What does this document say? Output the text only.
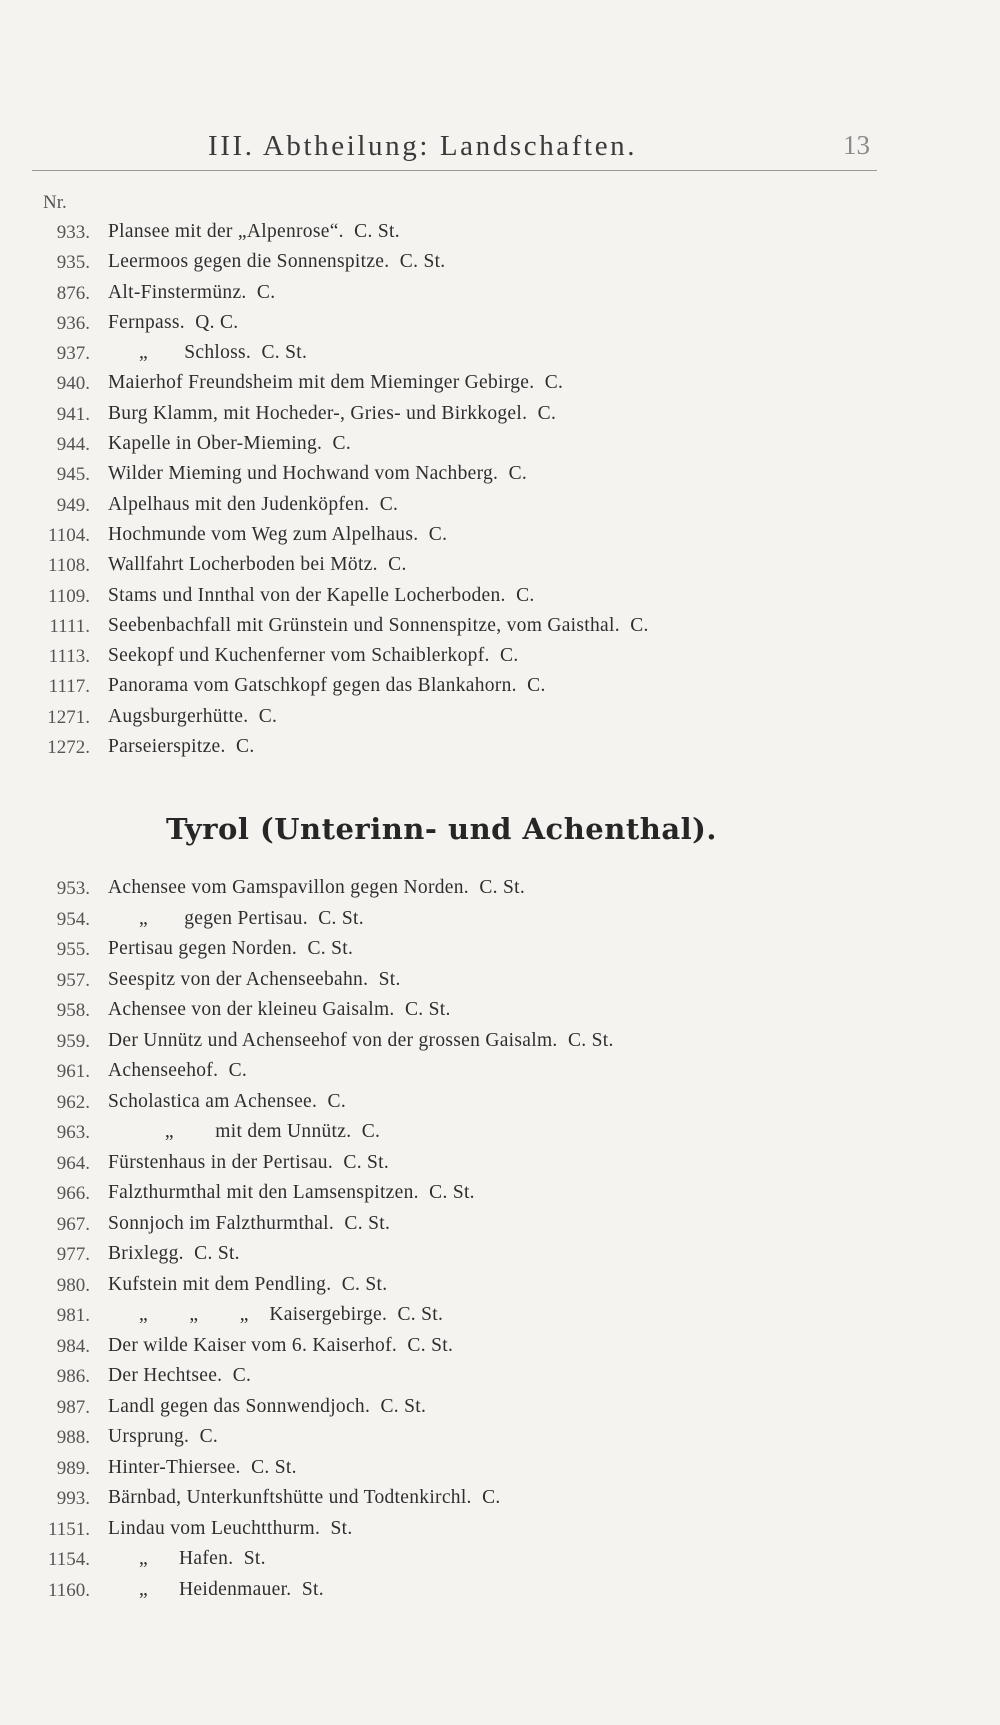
III. Abtheilung: Landschaften.	13
Nr.
933. Plansee mit der „Alpenrose“.  C. St.
935. Leermoos gegen die Sonnenspitze.  C. St.
876. Alt-Finstermünz.  C.
936. Fernpass.  Q. C.
937. „       Schloss.  C. St.
940. Maierhof Freundsheim mit dem Mieminger Gebirge.  C.
941. Burg Klamm, mit Hocheder-, Gries- und Birkkogel.  C.
944. Kapelle in Ober-Mieming.  C.
945. Wilder Mieming und Hochwand vom Nachberg.  C.
949. Alpelhaus mit den Judenköpfen.  C.
1104. Hochmunde vom Weg zum Alpelhaus.  C.
1108. Wallfahrt Locherboden bei Mötz.  C.
1109. Stams und Innthal von der Kapelle Locherboden.  C.
1111. Seebenbachfall mit Grünstein und Sonnenspitze, vom Gaisthal.  C.
1113. Seekopf und Kuchenferner vom Schaiblerkopf.  C.
1117. Panorama vom Gatschkopf gegen das Blankahorn.  C.
1271. Augsburgerhütte.  C.
1272. Parseierspitze.  C.
Tyrol (Unterinn- und Achenthal).
953. Achensee vom Gamspavillon gegen Norden.  C. St.
954. „       gegen Pertisau.  C. St.
955. Pertisau gegen Norden.  C. St.
957. Seespitz von der Achenseebahn.  St.
958. Achensee von der kleineu Gaisalm.  C. St.
959. Der Unnütz und Achenseehof von der grossen Gaisalm.  C. St.
961. Achenseehof.  C.
962. Scholastica am Achensee.  C.
963. „        mit dem Unnütz.  C.
964. Fürstenhaus in der Pertisau.  C. St.
966. Falzthurmthal mit den Lamsenspitzen.  C. St.
967. Sonnjoch im Falzthurmthal.  C. St.
977. Brixlegg.  C. St.
980. Kufstein mit dem Pendling.  C. St.
981. „        „        „    Kaisergebirge.  C. St.
984. Der wilde Kaiser vom 6. Kaiserhof.  C. St.
986. Der Hechtsee.  C.
987. Landl gegen das Sonnwendjoch.  C. St.
988. Ursprung.  C.
989. Hinter-Thiersee.  C. St.
993. Bärnbad, Unterkunftshütte und Todtenkirchl.  C.
1151. Lindau vom Leuchtthurm.  St.
1154. „      Hafen.  St.
1160. „      Heidenmauer.  St.
